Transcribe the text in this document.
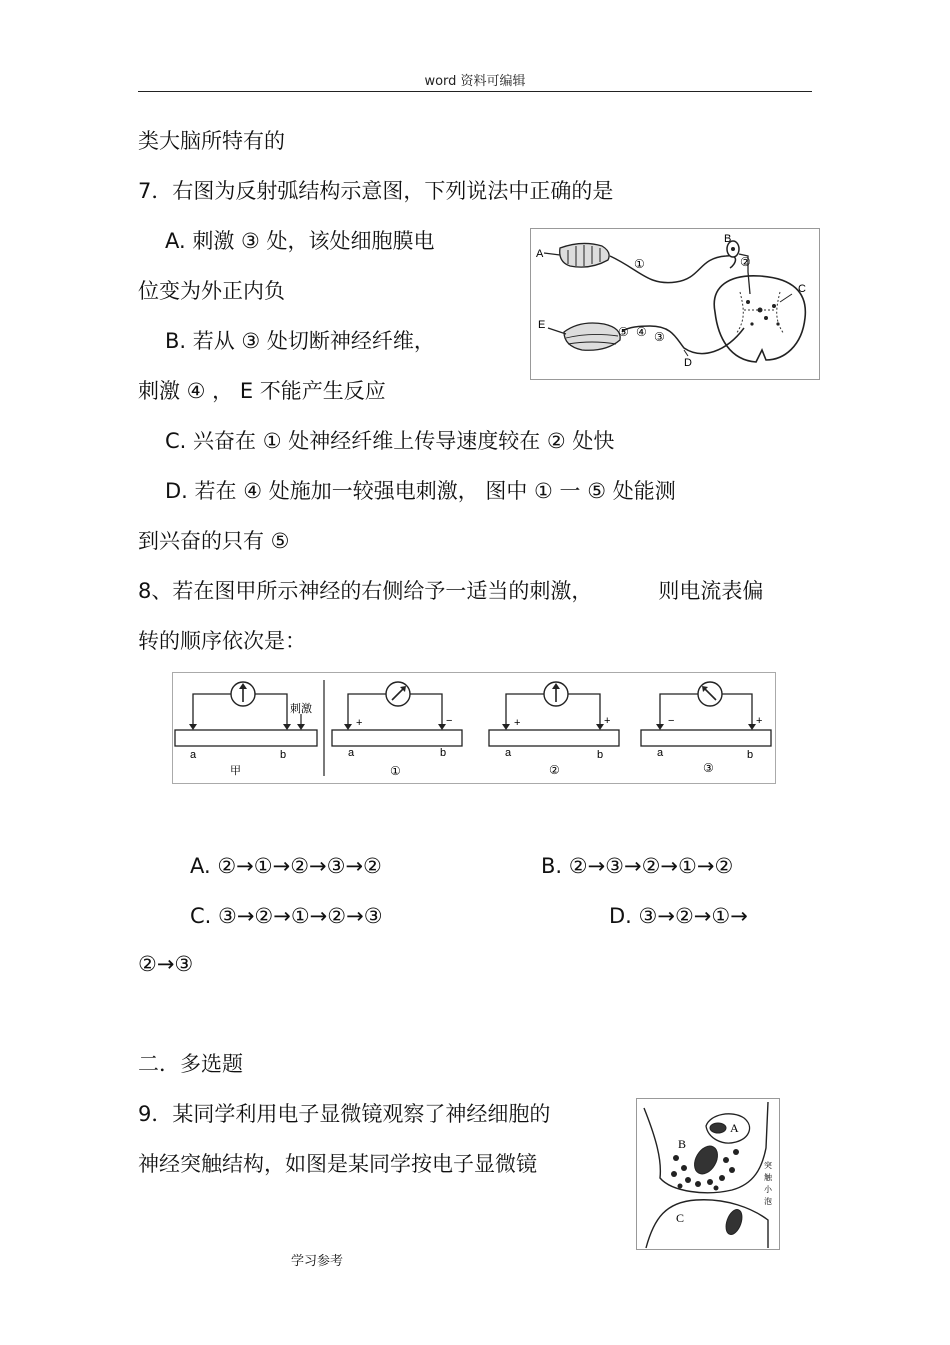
word 资料可编辑
类大脑所特有的
7．右图为反射弧结构示意图，下列说法中正确的是
A. 刺激 ③ 处，该处细胞膜电
位变为外正内负
B. 若从 ③ 处切断神经纤维，
刺激 ④ ， E 不能产生反应
C. 兴奋在 ① 处神经纤维上传导速度较在 ② 处快
D. 若在 ④ 处施加一较强电刺激， 图中 ① 一 ⑤ 处能测
到兴奋的只有 ⑤
8、若在图甲所示神经的右侧给予一适当的刺激，	则电流表偏
转的顺序依次是：
A. ②→①→②→③→②	B. ②→③→②→①→②
C. ③→②→①→②→③	D. ③→②→①→
②→③
二．多选题
9．某同学利用电子显微镜观察了神经细胞的
神经突触结构，如图是某同学按电子显微镜
学习参考
A
B
C
D
E
①	②
③
④
⑤
刺激
a	b
甲
+	−
a	b
①
+	+
a	b
②
−	+
a	b
③
B
A
C
突
触
小
泡
